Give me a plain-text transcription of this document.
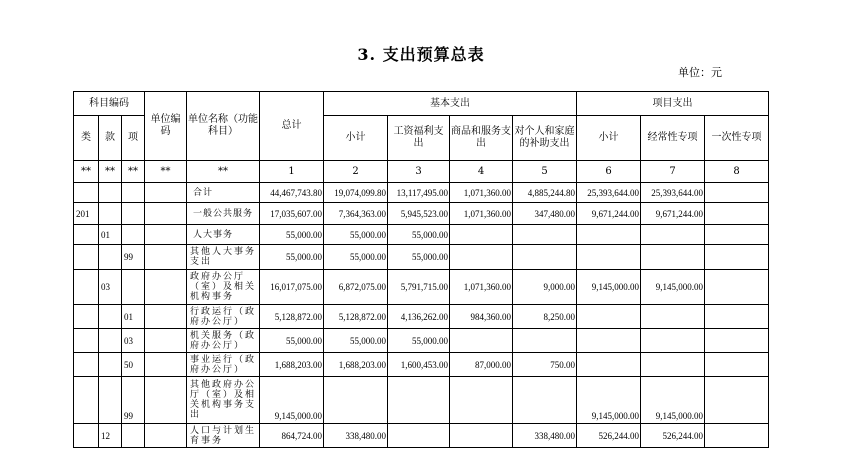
3. 支出预算总表
单位：元
科目编码			单位编码	单位名称（功能科目）	总计	基本支出				项目支出		
类	款	项				小计	工资福利支出	商品和服务支出	对个人和家庭的补助支出	小计	经常性专项	一次性专项
**	**	**	**	**	1	2	3	4	5	6	7	8
				合计	44,467,743.80	19,074,099.80	13,117,495.00	1,071,360.00	4,885,244.80	25,393,644.00	25,393,644.00	
201				一般公共服务	17,035,607.00	7,364,363.00	5,945,523.00	1,071,360.00	347,480.00	9,671,244.00	9,671,244.00	
	01			人大事务	55,000.00	55,000.00	55,000.00					
		99		其他人大事务支出	55,000.00	55,000.00	55,000.00					
	03			政府办公厅（室）及相关机构事务	16,017,075.00	6,872,075.00	5,791,715.00	1,071,360.00	9,000.00	9,145,000.00	9,145,000.00	
		01		行政运行（政府办公厅）	5,128,872.00	5,128,872.00	4,136,262.00	984,360.00	8,250.00			
		03		机关服务（政府办公厅）	55,000.00	55,000.00	55,000.00					
		50		事业运行（政府办公厅）	1,688,203.00	1,688,203.00	1,600,453.00	87,000.00	750.00			
		99		其他政府办公厅（室）及相关机构事务支出	9,145,000.00					9,145,000.00	9,145,000.00	
	12			人口与计划生育事务	864,724.00	338,480.00			338,480.00	526,244.00	526,244.00	
